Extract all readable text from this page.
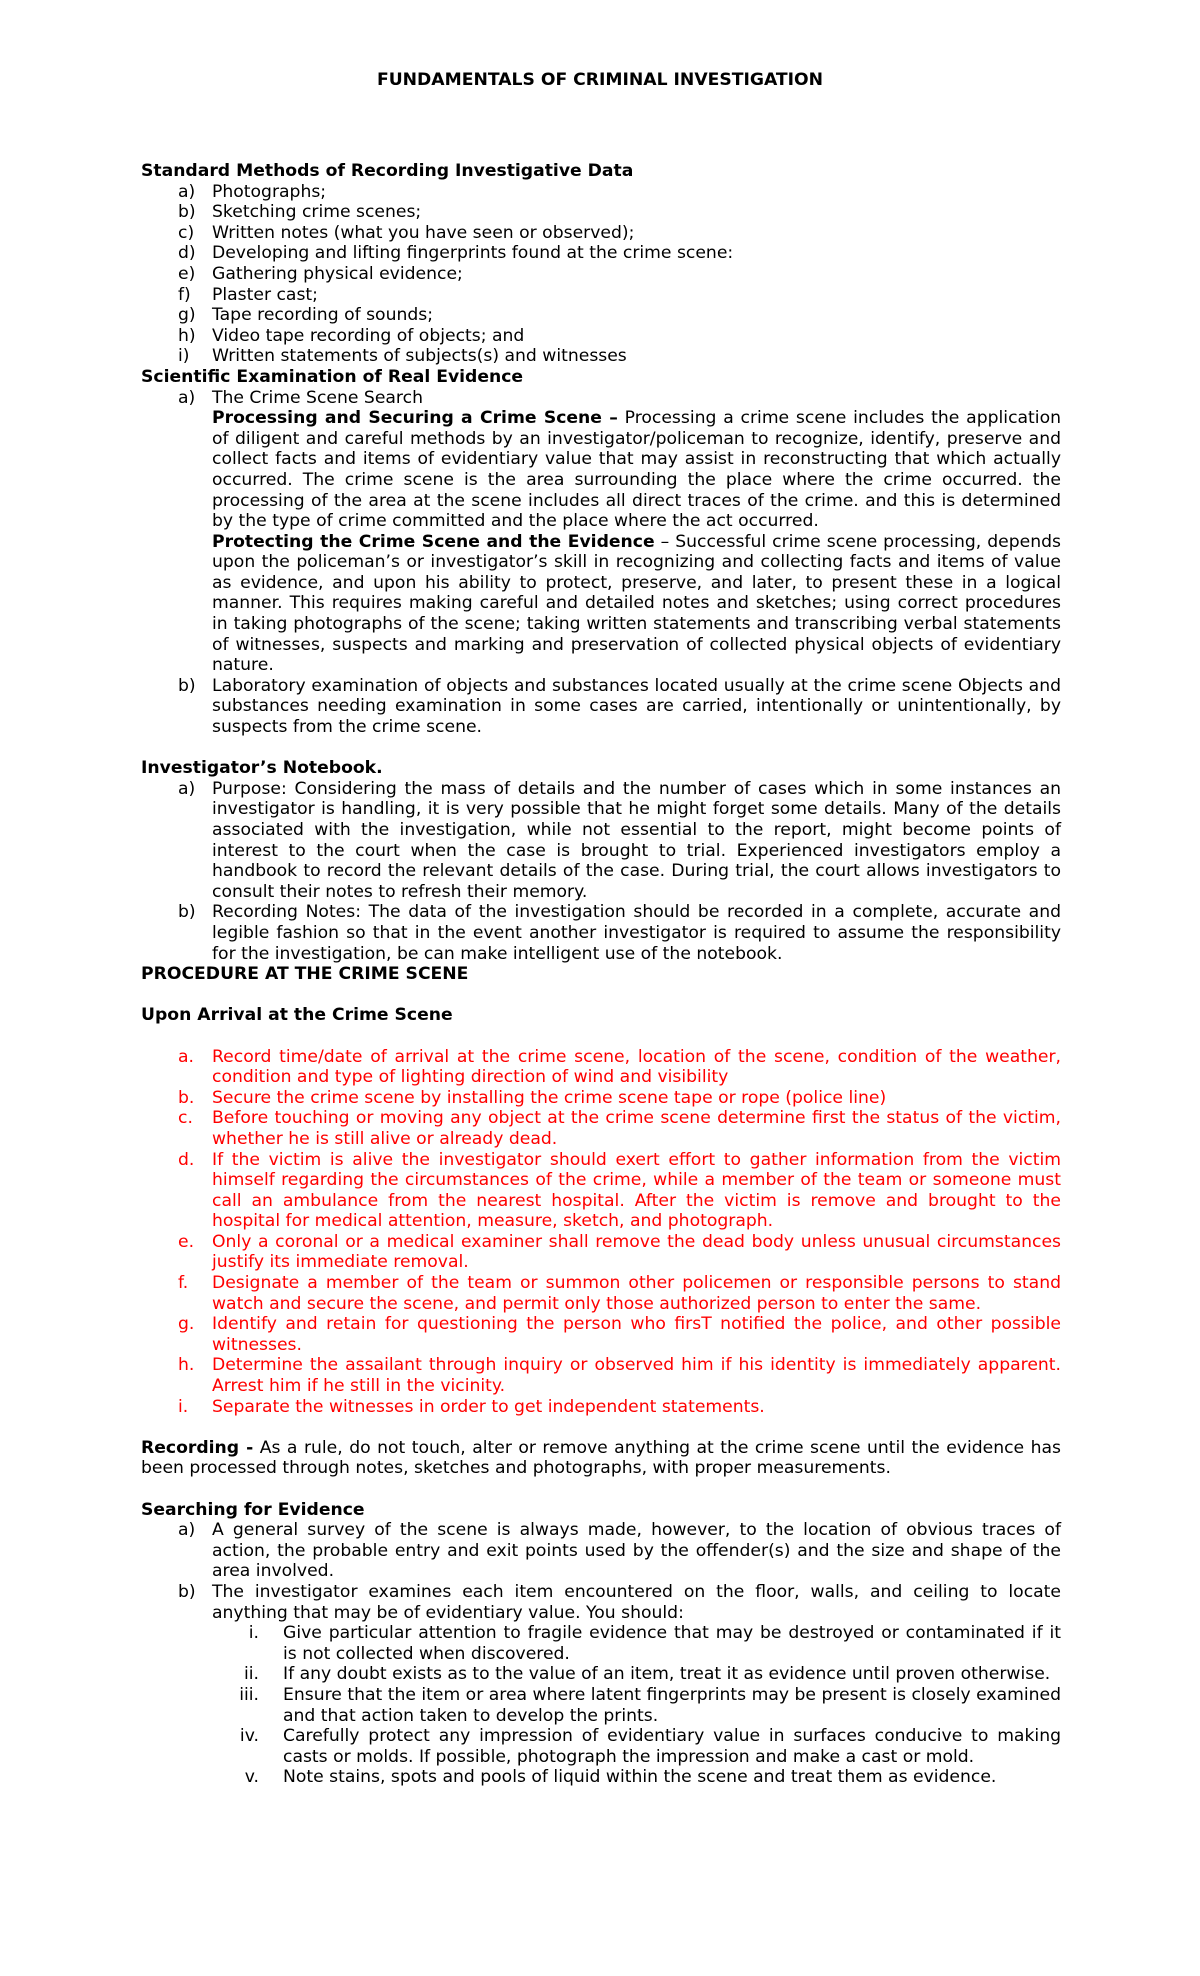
FUNDAMENTALS OF CRIMINAL INVESTIGATION

Standard Methods of Recording Investigative Data

a) Photographs;

b) Sketching crime scenes;

c)	Written notes (what you have seen or observed);

d) Developing and lifting fingerprints found at the crime scene:

e) Gathering physical evidence;

f)	Plaster cast;

g) Tape recording of sounds;

h) Video tape recording of objects; and

i)	Written statements of subjects(s) and witnesses

Scientific Examination of Real Evidence

a) The Crime Scene Search

Processing and Securing a Crime Scene – Processing a crime scene includes the application of diligent and careful methods by an investigator/policeman to recognize, identify, preserve and collect facts and items of evidentiary value that may assist in reconstructing that which actually occurred. The crime scene is the area surrounding the place where the crime occurred. the processing of the area at the scene includes all direct traces of the crime. and this is determined by the type of crime committed and the place where the act occurred.

Protecting the Crime Scene and the Evidence – Successful crime scene processing, depends upon the policeman’s or investigator’s skill in recognizing and collecting facts and items of value as evidence, and upon his ability to protect, preserve, and later, to present these in a logical manner. This requires making careful and detailed notes and sketches; using correct procedures in taking photographs of the scene; taking written statements and transcribing verbal statements of witnesses, suspects and marking and preservation of collected physical objects of evidentiary nature.

b) Laboratory examination of objects and substances located usually at the crime scene Objects and substances needing examination in some cases are carried, intentionally or unintentionally, by suspects from the crime scene.

Investigator’s Notebook.

a) Purpose: Considering the mass of details and the number of cases which in some instances an investigator is handling, it is very possible that he might forget some details. Many of the details associated with the investigation, while not essential to the report, might become points of interest to the court when the case is brought to trial. Experienced investigators employ a handbook to record the relevant details of the case. During trial, the court allows investigators to consult their notes to refresh their memory.

b) Recording Notes: The data of the investigation should be recorded in a complete, accurate and legible fashion so that in the event another investigator is required to assume the responsibility for the investigation, be can make intelligent use of the notebook.

PROCEDURE AT THE CRIME SCENE

Upon Arrival at the Crime Scene

a.	Record time/date of arrival at the crime scene, location of the scene, condition of the weather, condition and type of lighting direction of wind and visibility

b.	Secure the crime scene by installing the crime scene tape or rope (police line)

c.	Before touching or moving any object at the crime scene determine first the status of the victim, whether he is still alive or already dead.

d.	If the victim is alive the investigator should exert effort to gather information from the victim himself regarding the circumstances of the crime, while a member of the team or someone must call an ambulance from the nearest hospital. After the victim is remove and brought to the hospital for medical attention, measure, sketch, and photograph.

e.	Only a coronal or a medical examiner shall remove the dead body unless unusual circumstances justify its immediate removal.

f.	Designate a member of the team or summon other policemen or responsible persons to stand watch and secure the scene, and permit only those authorized person to enter the same.

g.	Identify and retain for questioning the person who firsT notified the police, and other possible witnesses.

h.	Determine the assailant through inquiry or observed him if his identity is immediately apparent. Arrest him if he still in the vicinity.

i.	Separate the witnesses in order to get independent statements.

Recording - As a rule, do not touch, alter or remove anything at the crime scene until the evidence has been processed through notes, sketches and photographs, with proper measurements.

Searching for Evidence

a) A general survey of the scene is always made, however, to the location of obvious traces of action, the probable entry and exit points used by the offender(s) and the size and shape of the area involved.

b) The investigator examines each item encountered on the floor, walls, and ceiling to locate anything that may be of evidentiary value. You should:

i. Give particular attention to fragile evidence that may be destroyed or contaminated if it is not collected when discovered.

ii. If any doubt exists as to the value of an item, treat it as evidence until proven otherwise.

iii. Ensure that the item or area where latent fingerprints may be present is closely examined and that action taken to develop the prints.

iv. Carefully protect any impression of evidentiary value in surfaces conducive to making casts or molds. If possible, photograph the impression and make a cast or mold.

v. Note stains, spots and pools of liquid within the scene and treat them as evidence.
